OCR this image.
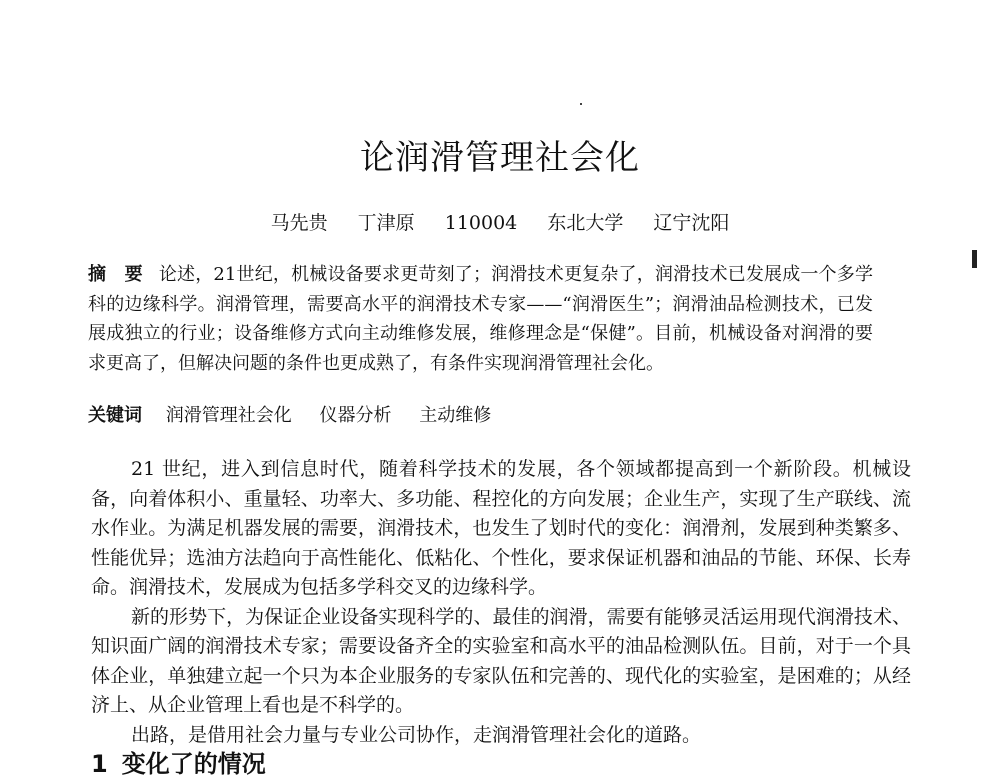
论润滑管理社会化
马先贵 丁津原 110004 东北大学 辽宁沈阳

摘 要 论述，21世纪，机械设备要求更苛刻了；润滑技术更复杂了，润滑技术已发展成一个多学科的边缘科学。润滑管理，需要高水平的润滑技术专家——“润滑医生”；润滑油品检测技术，已发展成独立的行业；设备维修方式向主动维修发展，维修理念是“保健”。目前，机械设备对润滑的要求更高了，但解决问题的条件也更成熟了，有条件实现润滑管理社会化。

关键词 润滑管理社会化 仪器分析 主动维修

21 世纪，进入到信息时代，随着科学技术的发展，各个领域都提高到一个新阶段。机械设备，向着体积小、重量轻、功率大、多功能、程控化的方向发展；企业生产，实现了生产联线、流水作业。为满足机器发展的需要，润滑技术，也发生了划时代的变化：润滑剂，发展到种类繁多、性能优异；选油方法趋向于高性能化、低粘化、个性化，要求保证机器和油品的节能、环保、长寿命。润滑技术，发展成为包括多学科交叉的边缘科学。

新的形势下，为保证企业设备实现科学的、最佳的润滑，需要有能够灵活运用现代润滑技术、知识面广阔的润滑技术专家；需要设备齐全的实验室和高水平的油品检测队伍。目前，对于一个具体企业，单独建立起一个只为本企业服务的专家队伍和完善的、现代化的实验室，是困难的；从经济上、从企业管理上看也是不科学的。

出路，是借用社会力量与专业公司协作，走润滑管理社会化的道路。

1 变化了的情况
